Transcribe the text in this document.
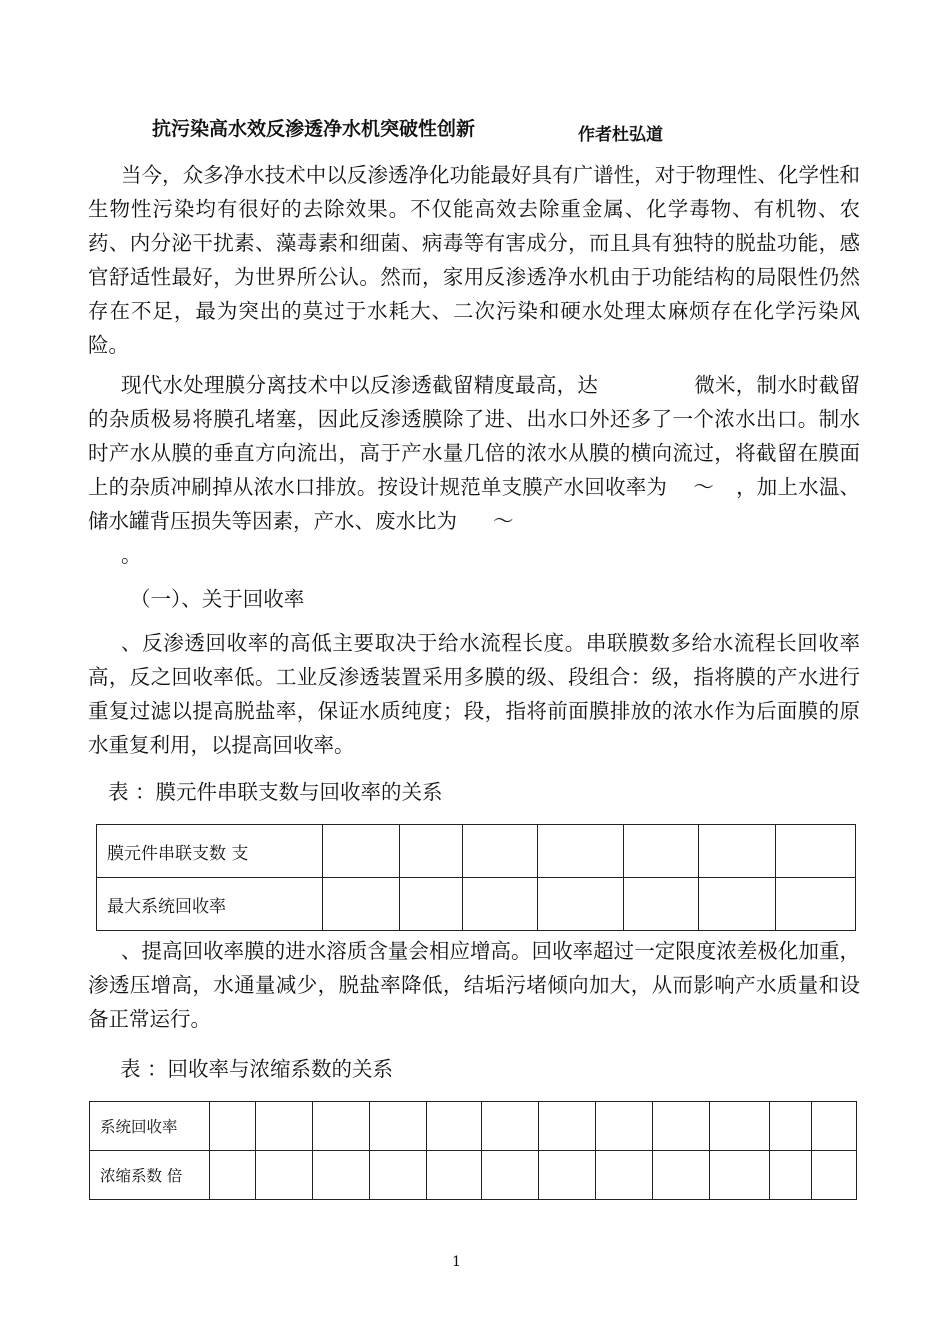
抗污染高水效反渗透净水机突破性创新	作者杜弘道

当今，众多净水技术中以反渗透净化功能最好具有广谱性，对于物理性、化学性和生物性污染均有很好的去除效果。不仅能高效去除重金属、化学毒物、有机物、农药、内分泌干扰素、藻毒素和细菌、病毒等有害成分，而且具有独特的脱盐功能，感官舒适性最好，为世界所公认。然而，家用反渗透净水机由于功能结构的局限性仍然存在不足，最为突出的莫过于水耗大、二次污染和硬水处理太麻烦存在化学污染风险。

现代水处理膜分离技术中以反渗透截留精度最高，达	微米，制水时截留的杂质极易将膜孔堵塞，因此反渗透膜除了进、出水口外还多了一个浓水出口。制水时产水从膜的垂直方向流出，高于产水量几倍的浓水从膜的横向流过，将截留在膜面上的杂质冲刷掉从浓水口排放。按设计规范单支膜产水回收率为 ～ ，加上水温、储水罐背压损失等因素，产水、废水比为 ～
。

（一）、关于回收率

、反渗透回收率的高低主要取决于给水流程长度。串联膜数多给水流程长回收率高，反之回收率低。工业反渗透装置采用多膜的级、段组合：级，指将膜的产水进行重复过滤以提高脱盐率，保证水质纯度；段，指将前面膜排放的浓水作为后面膜的原水重复利用，以提高回收率。

表 ：膜元件串联支数与回收率的关系
膜元件串联支数 支							
最大系统回收率							

、提高回收率膜的进水溶质含量会相应增高。回收率超过一定限度浓差极化加重，渗透压增高，水通量减少，脱盐率降低，结垢污堵倾向加大，从而影响产水质量和设备正常运行。

表 ：回收率与浓缩系数的关系
系统回收率												
浓缩系数 倍												
1
